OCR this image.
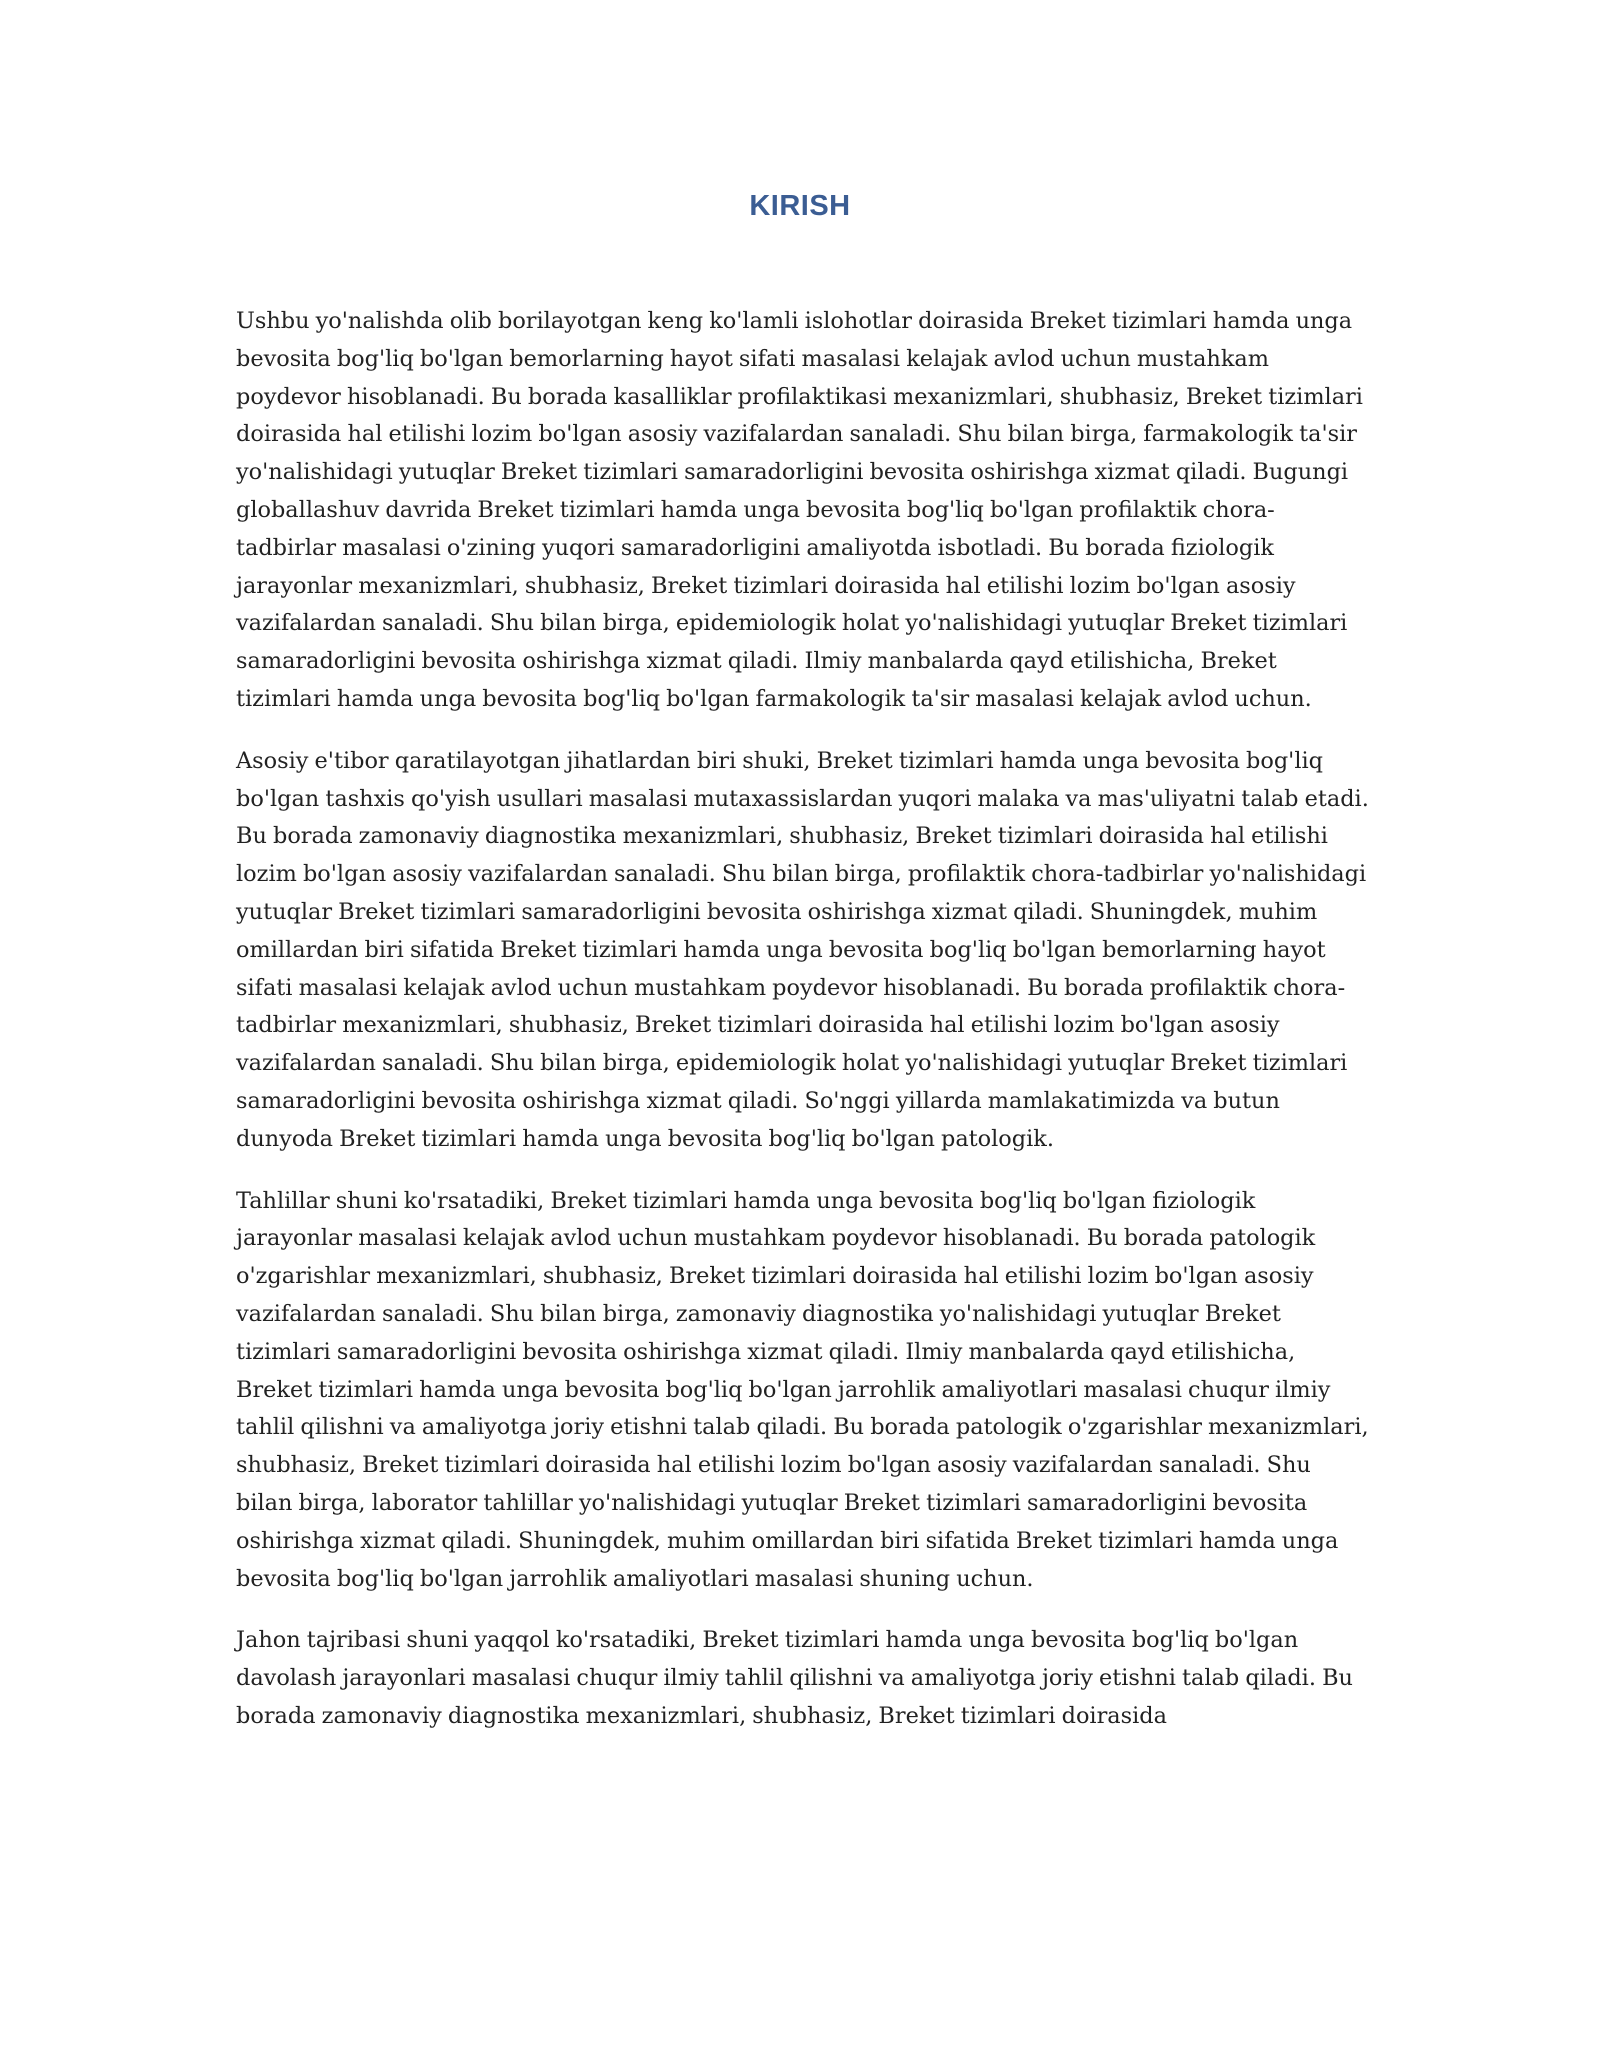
KIRISH

Ushbu yo'nalishda olib borilayotgan keng ko'lamli islohotlar doirasida Breket tizimlari hamda unga bevosita bog'liq bo'lgan bemorlarning hayot sifati masalasi kelajak avlod uchun mustahkam poydevor hisoblanadi. Bu borada kasalliklar profilaktikasi mexanizmlari, shubhasiz, Breket tizimlari doirasida hal etilishi lozim bo'lgan asosiy vazifalardan sanaladi. Shu bilan birga, farmakologik ta'sir yo'nalishidagi yutuqlar Breket tizimlari samaradorligini bevosita oshirishga xizmat qiladi. Bugungi globallashuv davrida Breket tizimlari hamda unga bevosita bog'liq bo'lgan profilaktik chora-tadbirlar masalasi o'zining yuqori samaradorligini amaliyotda isbotladi. Bu borada fiziologik jarayonlar mexanizmlari, shubhasiz, Breket tizimlari doirasida hal etilishi lozim bo'lgan asosiy vazifalardan sanaladi. Shu bilan birga, epidemiologik holat yo'nalishidagi yutuqlar Breket tizimlari samaradorligini bevosita oshirishga xizmat qiladi. Ilmiy manbalarda qayd etilishicha, Breket tizimlari hamda unga bevosita bog'liq bo'lgan farmakologik ta'sir masalasi kelajak avlod uchun.

Asosiy e'tibor qaratilayotgan jihatlardan biri shuki, Breket tizimlari hamda unga bevosita bog'liq bo'lgan tashxis qo'yish usullari masalasi mutaxassislardan yuqori malaka va mas'uliyatni talab etadi. Bu borada zamonaviy diagnostika mexanizmlari, shubhasiz, Breket tizimlari doirasida hal etilishi lozim bo'lgan asosiy vazifalardan sanaladi. Shu bilan birga, profilaktik chora-tadbirlar yo'nalishidagi yutuqlar Breket tizimlari samaradorligini bevosita oshirishga xizmat qiladi. Shuningdek, muhim omillardan biri sifatida Breket tizimlari hamda unga bevosita bog'liq bo'lgan bemorlarning hayot sifati masalasi kelajak avlod uchun mustahkam poydevor hisoblanadi. Bu borada profilaktik chora-tadbirlar mexanizmlari, shubhasiz, Breket tizimlari doirasida hal etilishi lozim bo'lgan asosiy vazifalardan sanaladi. Shu bilan birga, epidemiologik holat yo'nalishidagi yutuqlar Breket tizimlari samaradorligini bevosita oshirishga xizmat qiladi. So'nggi yillarda mamlakatimizda va butun dunyoda Breket tizimlari hamda unga bevosita bog'liq bo'lgan patologik.

Tahlillar shuni ko'rsatadiki, Breket tizimlari hamda unga bevosita bog'liq bo'lgan fiziologik jarayonlar masalasi kelajak avlod uchun mustahkam poydevor hisoblanadi. Bu borada patologik o'zgarishlar mexanizmlari, shubhasiz, Breket tizimlari doirasida hal etilishi lozim bo'lgan asosiy vazifalardan sanaladi. Shu bilan birga, zamonaviy diagnostika yo'nalishidagi yutuqlar Breket tizimlari samaradorligini bevosita oshirishga xizmat qiladi. Ilmiy manbalarda qayd etilishicha, Breket tizimlari hamda unga bevosita bog'liq bo'lgan jarrohlik amaliyotlari masalasi chuqur ilmiy tahlil qilishni va amaliyotga joriy etishni talab qiladi. Bu borada patologik o'zgarishlar mexanizmlari, shubhasiz, Breket tizimlari doirasida hal etilishi lozim bo'lgan asosiy vazifalardan sanaladi. Shu bilan birga, laborator tahlillar yo'nalishidagi yutuqlar Breket tizimlari samaradorligini bevosita oshirishga xizmat qiladi. Shuningdek, muhim omillardan biri sifatida Breket tizimlari hamda unga bevosita bog'liq bo'lgan jarrohlik amaliyotlari masalasi shuning uchun.

Jahon tajribasi shuni yaqqol ko'rsatadiki, Breket tizimlari hamda unga bevosita bog'liq bo'lgan davolash jarayonlari masalasi chuqur ilmiy tahlil qilishni va amaliyotga joriy etishni talab qiladi. Bu borada zamonaviy diagnostika mexanizmlari, shubhasiz, Breket tizimlari doirasida
